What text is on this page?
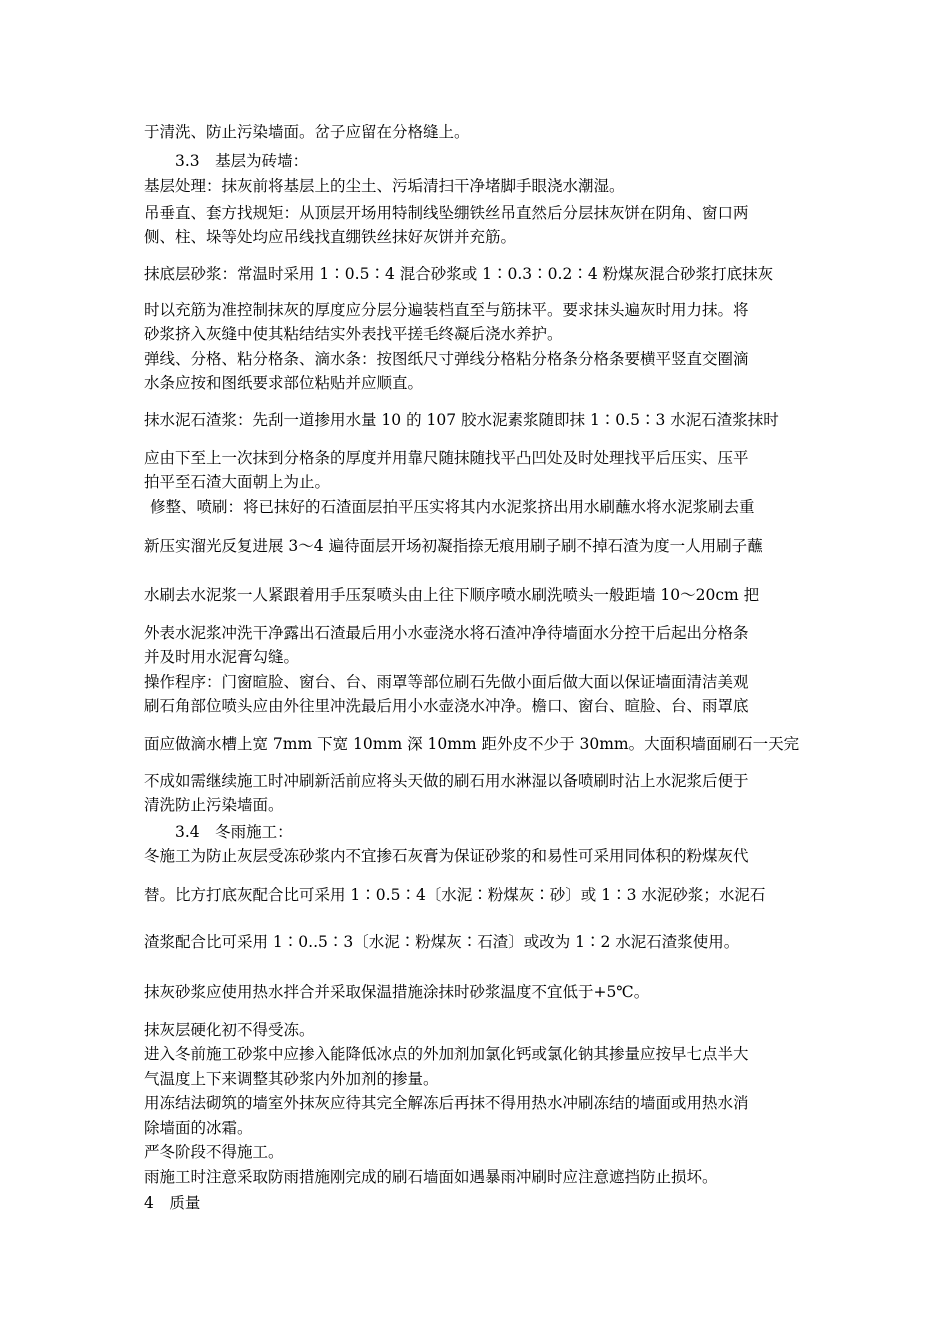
于清洗、防止污染墙面。岔子应留在分格缝上。
3.3　基层为砖墙：
基层处理：抹灰前将基层上的尘土、污垢清扫干净堵脚手眼浇水潮湿。
吊垂直、套方找规矩：从顶层开场用特制线坠绷铁丝吊直然后分层抹灰饼在阴角、窗口两
侧、柱、垛等处均应吊线找直绷铁丝抹好灰饼并充筋。
抹底层砂浆：常温时采用 1∶0.5∶4 混合砂浆或 1∶0.3∶0.2∶4 粉煤灰混合砂浆打底抹灰
时以充筋为准控制抹灰的厚度应分层分遍装档直至与筋抹平。要求抹头遍灰时用力抹。将
砂浆挤入灰缝中使其粘结结实外表找平搓毛终凝后浇水养护。
弹线、分格、粘分格条、滴水条：按图纸尺寸弹线分格粘分格条分格条要横平竖直交圈滴
水条应按和图纸要求部位粘贴并应顺直。
抹水泥石渣浆：先刮一道掺用水量 10 的 107 胶水泥素浆随即抹 1∶0.5∶3 水泥石渣浆抹时
应由下至上一次抹到分格条的厚度并用靠尺随抹随找平凸凹处及时处理找平后压实、压平
拍平至石渣大面朝上为止。
修整、喷刷：将已抹好的石渣面层拍平压实将其内水泥浆挤出用水刷蘸水将水泥浆刷去重
新压实溜光反复进展 3～4 遍待面层开场初凝指捺无痕用刷子刷不掉石渣为度一人用刷子蘸
水刷去水泥浆一人紧跟着用手压泵喷头由上往下顺序喷水刷洗喷头一般距墙 10～20cm 把
外表水泥浆冲洗干净露出石渣最后用小水壶浇水将石渣冲净待墙面水分控干后起出分格条
并及时用水泥膏勾缝。
操作程序：门窗暄脸、窗台、台、雨罩等部位刷石先做小面后做大面以保证墙面清洁美观
刷石角部位喷头应由外往里冲洗最后用小水壶浇水冲净。檐口、窗台、暄脸、台、雨罩底
面应做滴水槽上宽 7mm 下宽 10mm 深 10mm 距外皮不少于 30mm。大面积墙面刷石一天完
不成如需继续施工时冲刷新活前应将头天做的刷石用水淋湿以备喷刷时沾上水泥浆后便于
清洗防止污染墙面。
3.4　冬雨施工：
冬施工为防止灰层受冻砂浆内不宜掺石灰膏为保证砂浆的和易性可采用同体积的粉煤灰代
替。比方打底灰配合比可采用 1∶0.5∶4〔水泥∶粉煤灰∶砂〕或 1∶3 水泥砂浆；水泥石
渣浆配合比可采用 1∶0..5∶3〔水泥∶粉煤灰∶石渣〕或改为 1∶2 水泥石渣浆使用。
抹灰砂浆应使用热水拌合并采取保温措施涂抹时砂浆温度不宜低于+5℃。
抹灰层硬化初不得受冻。
进入冬前施工砂浆中应掺入能降低冰点的外加剂加氯化钙或氯化钠其掺量应按早七点半大
气温度上下来调整其砂浆内外加剂的掺量。
用冻结法砌筑的墙室外抹灰应待其完全解冻后再抹不得用热水冲刷冻结的墙面或用热水消
除墙面的冰霜。
严冬阶段不得施工。
雨施工时注意采取防雨措施刚完成的刷石墙面如遇暴雨冲刷时应注意遮挡防止损坏。
4　质量
